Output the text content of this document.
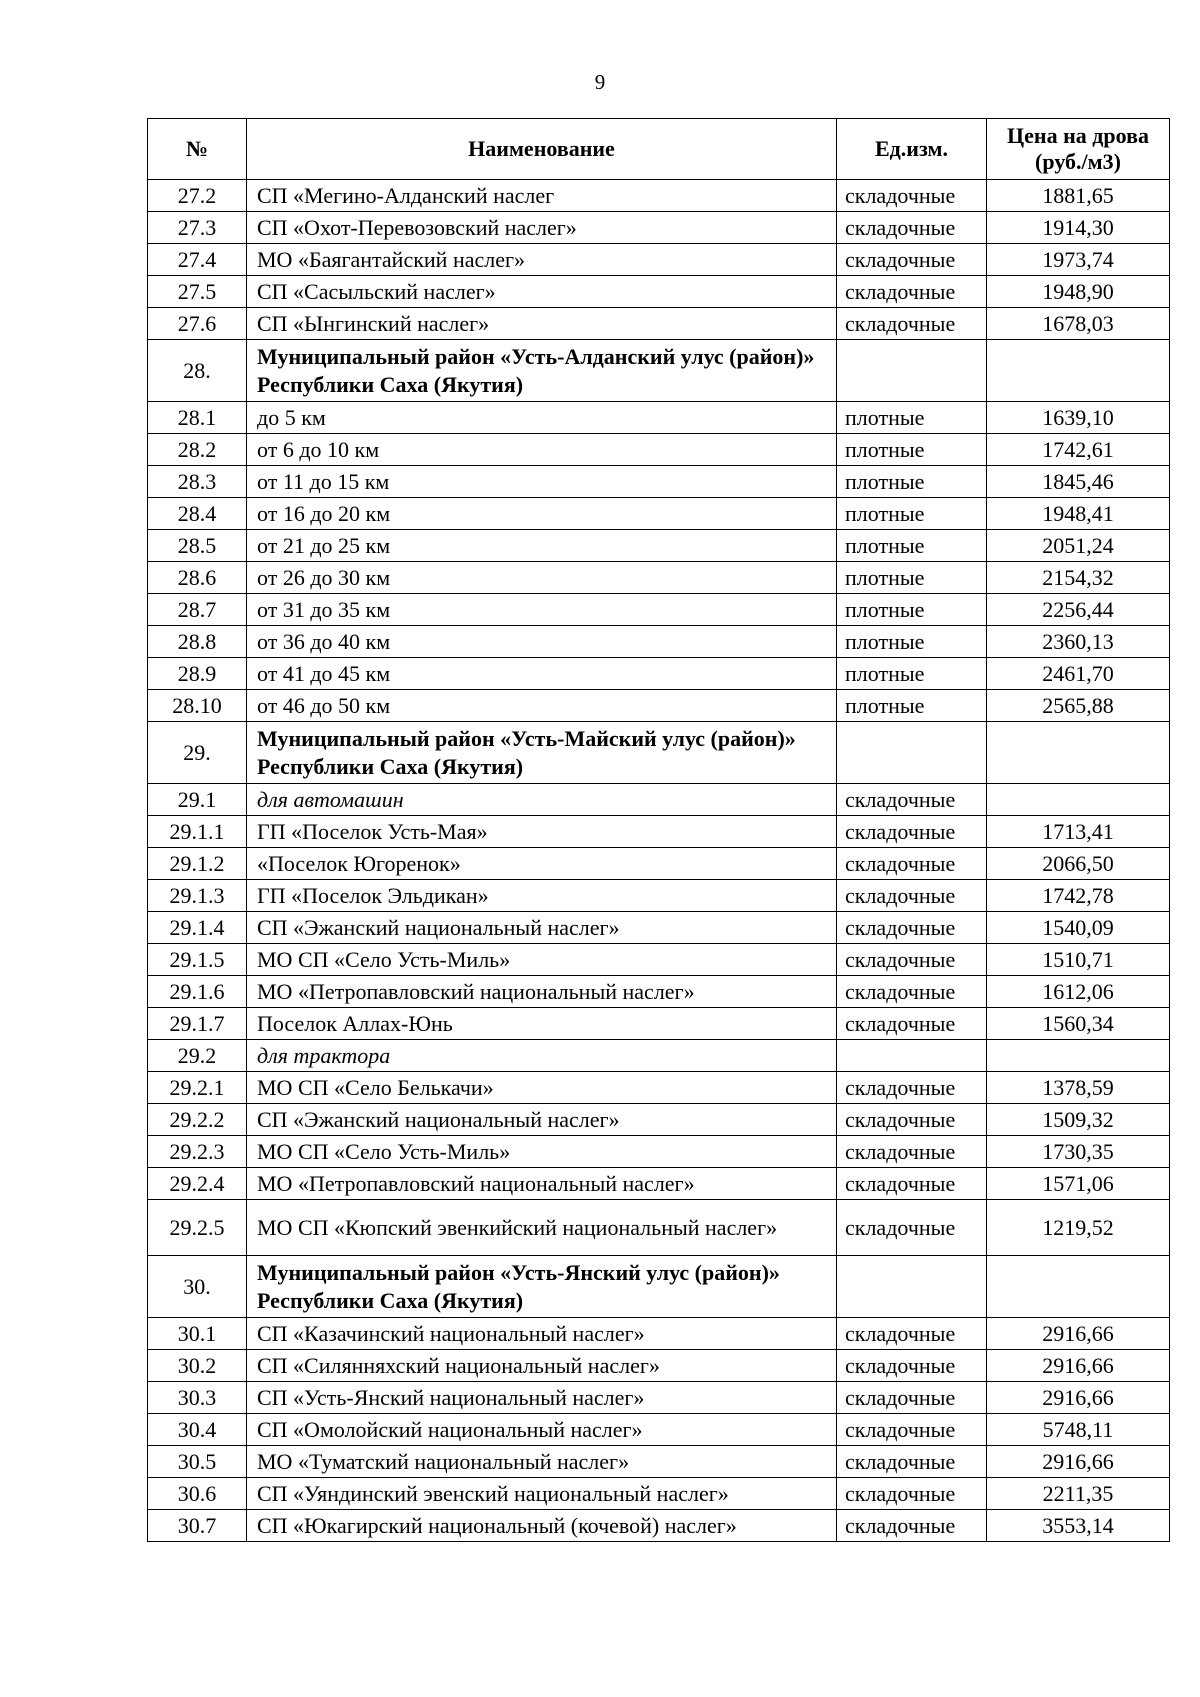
9
№	Наименование	Ед.изм.	Цена на дрова (руб./м3)
27.2	СП «Мегино-Алданский наслег	складочные	1881,65
27.3	СП «Охот-Перевозовский наслег»	складочные	1914,30
27.4	МО «Баягантайский наслег»	складочные	1973,74
27.5	СП «Сасыльский наслег»	складочные	1948,90
27.6	СП «Ынгинский наслег»	складочные	1678,03
28.	Муниципальный район «Усть-Алданский улус (район)» Республики Саха (Якутия)		
28.1	до 5 км	плотные	1639,10
28.2	от 6 до 10 км	плотные	1742,61
28.3	от 11 до 15 км	плотные	1845,46
28.4	от 16 до 20 км	плотные	1948,41
28.5	от 21 до 25 км	плотные	2051,24
28.6	от 26 до 30 км	плотные	2154,32
28.7	от 31 до 35 км	плотные	2256,44
28.8	от 36 до 40 км	плотные	2360,13
28.9	от 41 до 45 км	плотные	2461,70
28.10	от 46 до 50 км	плотные	2565,88
29.	Муниципальный район «Усть-Майский улус (район)» Республики Саха (Якутия)		
29.1	для автомашин	складочные	
29.1.1	ГП «Поселок Усть-Мая»	складочные	1713,41
29.1.2	«Поселок Югоренок»	складочные	2066,50
29.1.3	ГП «Поселок Эльдикан»	складочные	1742,78
29.1.4	СП «Эжанский национальный наслег»	складочные	1540,09
29.1.5	МО СП «Село Усть-Миль»	складочные	1510,71
29.1.6	МО «Петропавловский национальный наслег»	складочные	1612,06
29.1.7	Поселок Аллах-Юнь	складочные	1560,34
29.2	для трактора		
29.2.1	МО СП «Село Белькачи»	складочные	1378,59
29.2.2	СП «Эжанский национальный наслег»	складочные	1509,32
29.2.3	МО СП «Село Усть-Миль»	складочные	1730,35
29.2.4	МО «Петропавловский национальный наслег»	складочные	1571,06
29.2.5	МО СП «Кюпский эвенкийский национальный наслег»	складочные	1219,52
30.	Муниципальный район «Усть-Янский улус (район)» Республики Саха (Якутия)		
30.1	СП «Казачинский национальный наслег»	складочные	2916,66
30.2	СП «Силянняхский национальный наслег»	складочные	2916,66
30.3	СП «Усть-Янский национальный наслег»	складочные	2916,66
30.4	СП «Омолойский национальный наслег»	складочные	5748,11
30.5	МО «Туматский национальный наслег»	складочные	2916,66
30.6	СП «Уяндинский эвенский национальный наслег»	складочные	2211,35
30.7	СП «Юкагирский национальный (кочевой) наслег»	складочные	3553,14
